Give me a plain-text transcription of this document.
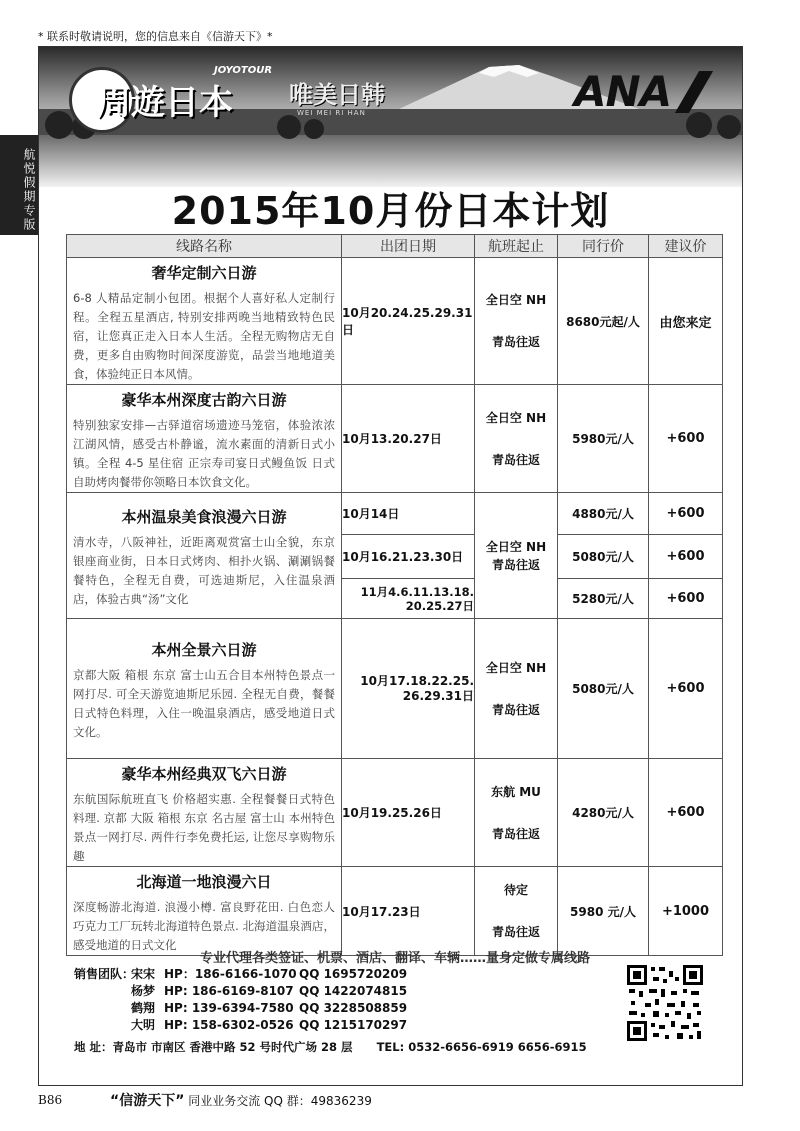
* 联系时敬请说明，您的信息来自《信游天下》*
航悦假期专版
周遊日本
JOYOTOUR
唯美日韩
WEI MEI RI HAN	ANA
2015年10月份日本计划
线路名称	出团日期	航班起止	同行价	建议价

奢华定制六日游
6-8 人精品定制小包团。根据个人喜好私人定制行程。全程五星酒店, 特别安排两晚当地精致特色民宿，让您真正走入日本人生活。全程无购物店无自费，更多自由购物时间深度游览，品尝当地地道美食，体验纯正日本风情。	10月20.24.25.29.31日	全日空 NH
青岛往返	8680元起/人	由您来定

豪华本州深度古韵六日游
特别独家安排—古驿道宿场遗迹马笼宿，体验浓浓江湖风情，感受古朴静谧，流水素面的清新日式小镇。全程 4-5 星住宿 正宗寿司宴日式鳗鱼饭 日式自助烤肉餐带你领略日本饮食文化。	10月13.20.27日	全日空 NH
青岛往返	5980元/人	+600

本州温泉美食浪漫六日游
清水寺，八阪神社，近距离观赏富士山全貌，东京银座商业街，日本日式烤肉、相扑火锅、涮涮锅餐餐特色，全程无自费，可选迪斯尼，入住温泉酒店，体验古典“汤”文化	10月14日	全日空 NH
青岛往返	4880元/人	+600
	10月16.21.23.30日		5080元/人	+600
	11月4.6.11.13.18.
20.25.27日		5280元/人	+600

本州全景六日游
京都大阪 箱根 东京 富士山五合目本州特色景点一网打尽. 可全天游览迪斯尼乐园. 全程无自费，餐餐日式特色料理，入住一晚温泉酒店，感受地道日式文化。	10月17.18.22.25.
26.29.31日	全日空 NH
青岛往返	5080元/人	+600

豪华本州经典双飞六日游
东航国际航班直飞 价格超实惠. 全程餐餐日式特色料理. 京都 大阪 箱根 东京 名古屋 富士山 本州特色景点一网打尽. 两件行李免费托运, 让您尽享购物乐趣	10月19.25.26日	东航 MU
青岛往返	4280元/人	+600

北海道一地浪漫六日
深度畅游北海道. 浪漫小樽. 富良野花田. 白色恋人巧克力工厂玩转北海道特色景点. 北海道温泉酒店，感受地道的日式文化	10月17.23日	待定
青岛往返	5980 元/人	+1000
专业代理各类签证、机票、酒店、翻译、车辆……量身定做专属线路
销售团队：宋宋 HP：186-6166-1070 QQ 1695720209
杨梦 HP: 186-6169-8107 QQ 1422074815
鹤翔 HP: 139-6394-7580 QQ 3228508859
大明 HP: 158-6302-0526 QQ 1215170297
地 址：青岛市 市南区 香港中路 52 号时代广场 28 层 TEL: 0532-6656-6919 6656-6915
B86	“信游天下” 同业业务交流 QQ 群：49836239
